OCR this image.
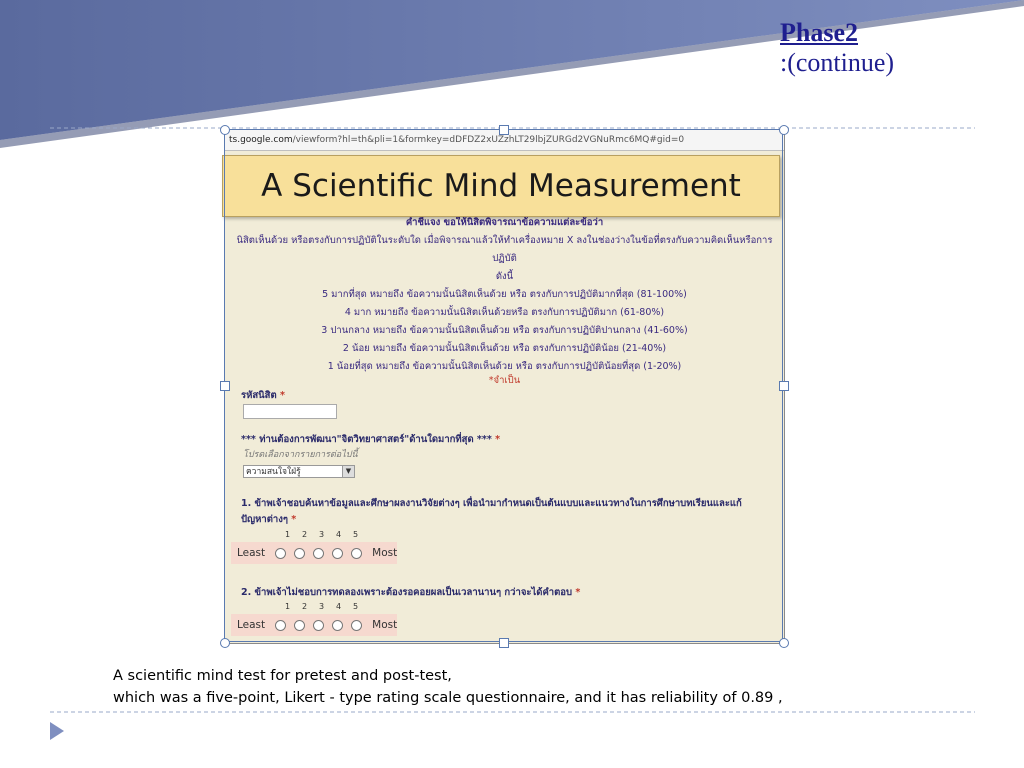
Phase2
:(continue)
ts.google.com/viewform?hl=th&pli=1&formkey=dDFDZ2xUZzhLT29lbjZURGd2VGNuRmc6MQ#gid=0
คำชี้แจง ขอให้นิสิตพิจารณาข้อความแต่ละข้อว่า
นิสิตเห็นด้วย หรือตรงกับการปฏิบัติในระดับใด เมื่อพิจารณาแล้วให้ทำเครื่องหมาย X ลงในช่องว่างในข้อที่ตรงกับความคิดเห็นหรือการปฏิบัติ
ดังนี้
5 มากที่สุด หมายถึง ข้อความนั้นนิสิตเห็นด้วย หรือ ตรงกับการปฏิบัติมากที่สุด (81-100%)
4 มาก หมายถึง ข้อความนั้นนิสิตเห็นด้วยหรือ ตรงกับการปฏิบัติมาก (61-80%)
3 ปานกลาง หมายถึง ข้อความนั้นนิสิตเห็นด้วย หรือ ตรงกับการปฏิบัติปานกลาง (41-60%)
2 น้อย หมายถึง ข้อความนั้นนิสิตเห็นด้วย หรือ ตรงกับการปฏิบัติน้อย (21-40%)
1 น้อยที่สุด หมายถึง ข้อความนั้นนิสิตเห็นด้วย หรือ ตรงกับการปฏิบัติน้อยที่สุด (1-20%)
*จำเป็น
รหัสนิสิต *
*** ท่านต้องการพัฒนา"จิตวิทยาศาสตร์"ด้านใดมากที่สุด *** *
โปรดเลือกจากรายการต่อไปนี้
ความสนใจใฝ่รู้	▼
1. ข้าพเจ้าชอบค้นหาข้อมูลและศึกษาผลงานวิจัยต่างๆ เพื่อนำมากำหนดเป็นต้นแบบและแนวทางในการศึกษาบทเรียนและแก้
ปัญหาต่างๆ *
1 2 3 4 5
Least	Most
2. ข้าพเจ้าไม่ชอบการทดลองเพราะต้องรอคอยผลเป็นเวลานานๆ กว่าจะได้คำตอบ *
1 2 3 4 5
Least	Most
A Scientific Mind Measurement
A scientific mind test for pretest and post-test,
which was a five-point, Likert - type rating scale questionnaire, and it has reliability of 0.89 ,
